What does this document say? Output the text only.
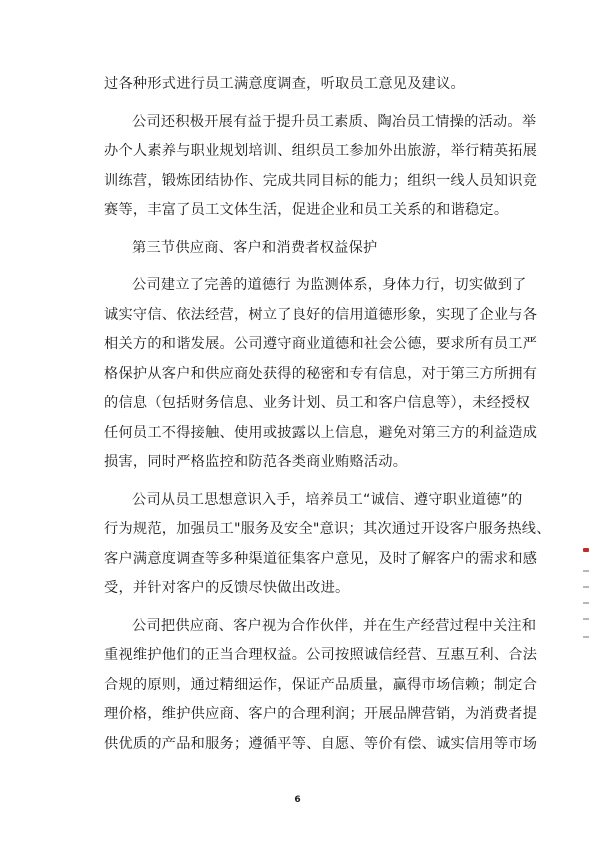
过各种形式进行员工满意度调查，听取员工意见及建议。

公司还积极开展有益于提升员工素质、陶冶员工情操的活动。举
办个人素养与职业规划培训、组织员工参加外出旅游，举行精英拓展
训练营，锻炼团结协作、完成共同目标的能力；组织一线人员知识竞
赛等，丰富了员工文体生活，促进企业和员工关系的和谐稳定。

第三节供应商、客户和消费者权益保护

公司建立了完善的道德行 为监测体系，身体力行，切实做到了
诚实守信、依法经营，树立了良好的信用道德形象，实现了企业与各
相关方的和谐发展。公司遵守商业道德和社会公德，要求所有员工严
格保护从客户和供应商处获得的秘密和专有信息，对于第三方所拥有
的信息（包括财务信息、业务计划、员工和客户信息等），未经授权
任何员工不得接触、使用或披露以上信息，避免对第三方的利益造成
损害，同时严格监控和防范各类商业贿赂活动。

公司从员工思想意识入手，培养员工“诚信、遵守职业道德”的
行为规范，加强员工"服务及安全"意识；其次通过开设客户服务热线、
客户满意度调查等多种渠道征集客户意见，及时了解客户的需求和感
受，并针对客户的反馈尽快做出改进。

公司把供应商、客户视为合作伙伴，并在生产经营过程中关注和
重视维护他们的正当合理权益。公司按照诚信经营、互惠互利、合法
合规的原则，通过精细运作，保证产品质量，赢得市场信赖；制定合
理价格，维护供应商、客户的合理利润；开展品牌营销，为消费者提
供优质的产品和服务；遵循平等、自愿、等价有偿、诚实信用等市场

6
